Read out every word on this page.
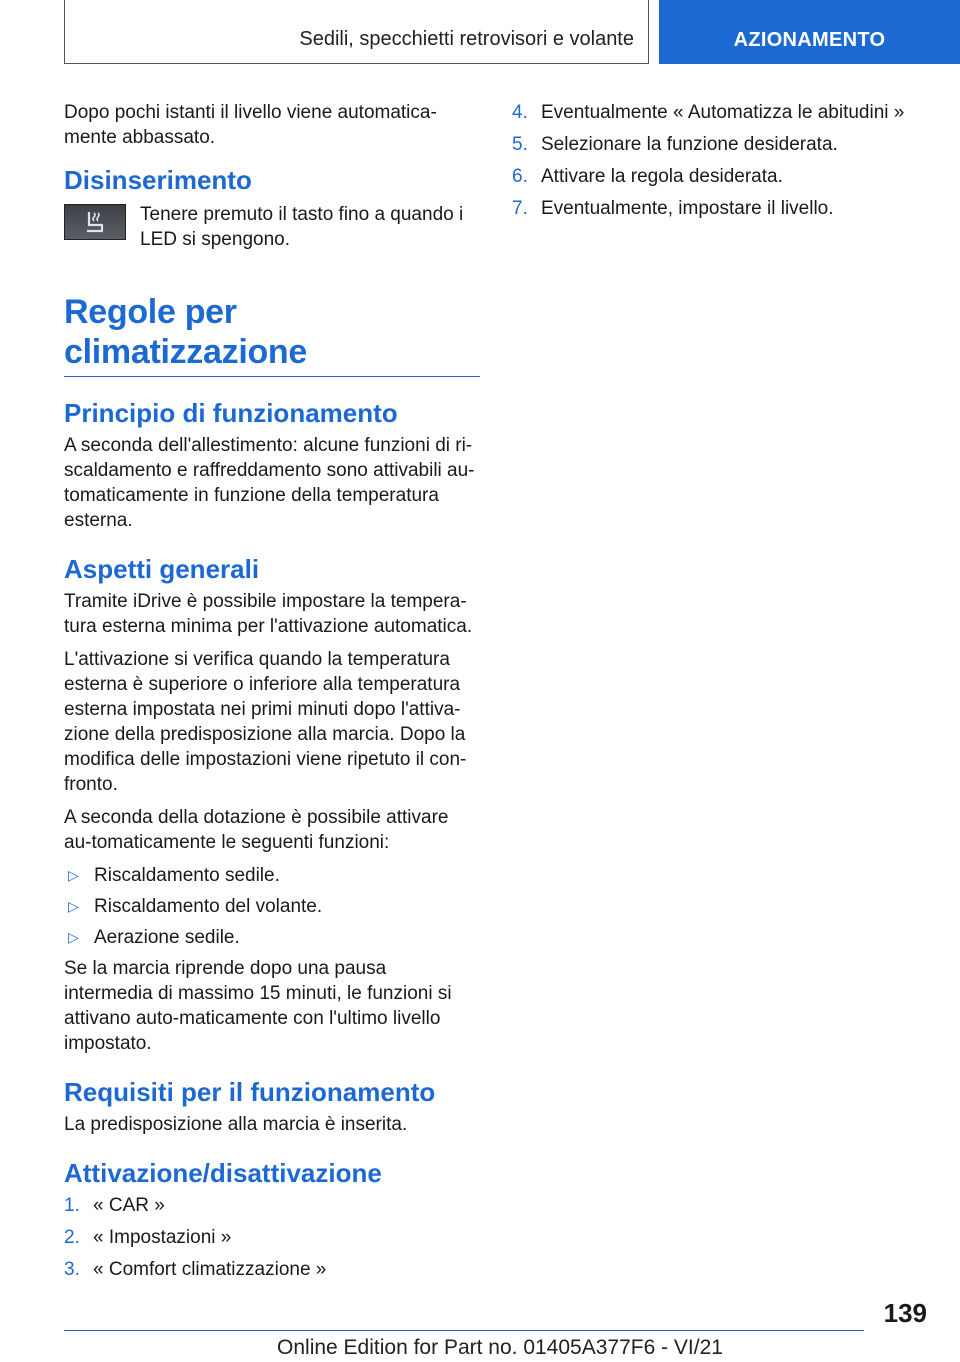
Sedili, specchietti retrovisori e volante	AZIONAMENTO

Dopo pochi istanti il livello viene automatica-mente abbassato.

Disinserimento
Tenere premuto il tasto fino a quando i LED si spengono.
Regole per climatizzazione
Principio di funzionamento

A seconda dell'allestimento: alcune funzioni di ri-scaldamento e raffreddamento sono attivabili au-tomaticamente in funzione della temperatura esterna.

Aspetti generali

Tramite iDrive è possibile impostare la tempera-tura esterna minima per l'attivazione automatica.

L'attivazione si verifica quando la temperatura esterna è superiore o inferiore alla temperatura esterna impostata nei primi minuti dopo l'attiva-zione della predisposizione alla marcia. Dopo la modifica delle impostazioni viene ripetuto il con-fronto.

A seconda della dotazione è possibile attivare au-tomaticamente le seguenti funzioni:

▷ Riscaldamento sedile.
▷ Riscaldamento del volante.
▷ Aerazione sedile.

Se la marcia riprende dopo una pausa intermedia di massimo 15 minuti, le funzioni si attivano auto-maticamente con l'ultimo livello impostato.

Requisiti per il funzionamento

La predisposizione alla marcia è inserita.

Attivazione/disattivazione
1. « CAR »
2. « Impostazioni »
3. « Comfort climatizzazione »
4. Eventualmente « Automatizza le abitudini »
5. Selezionare la funzione desiderata.
6. Attivare la regola desiderata.
7. Eventualmente, impostare il livello.
139
Online Edition for Part no. 01405A377F6 - VI/21
